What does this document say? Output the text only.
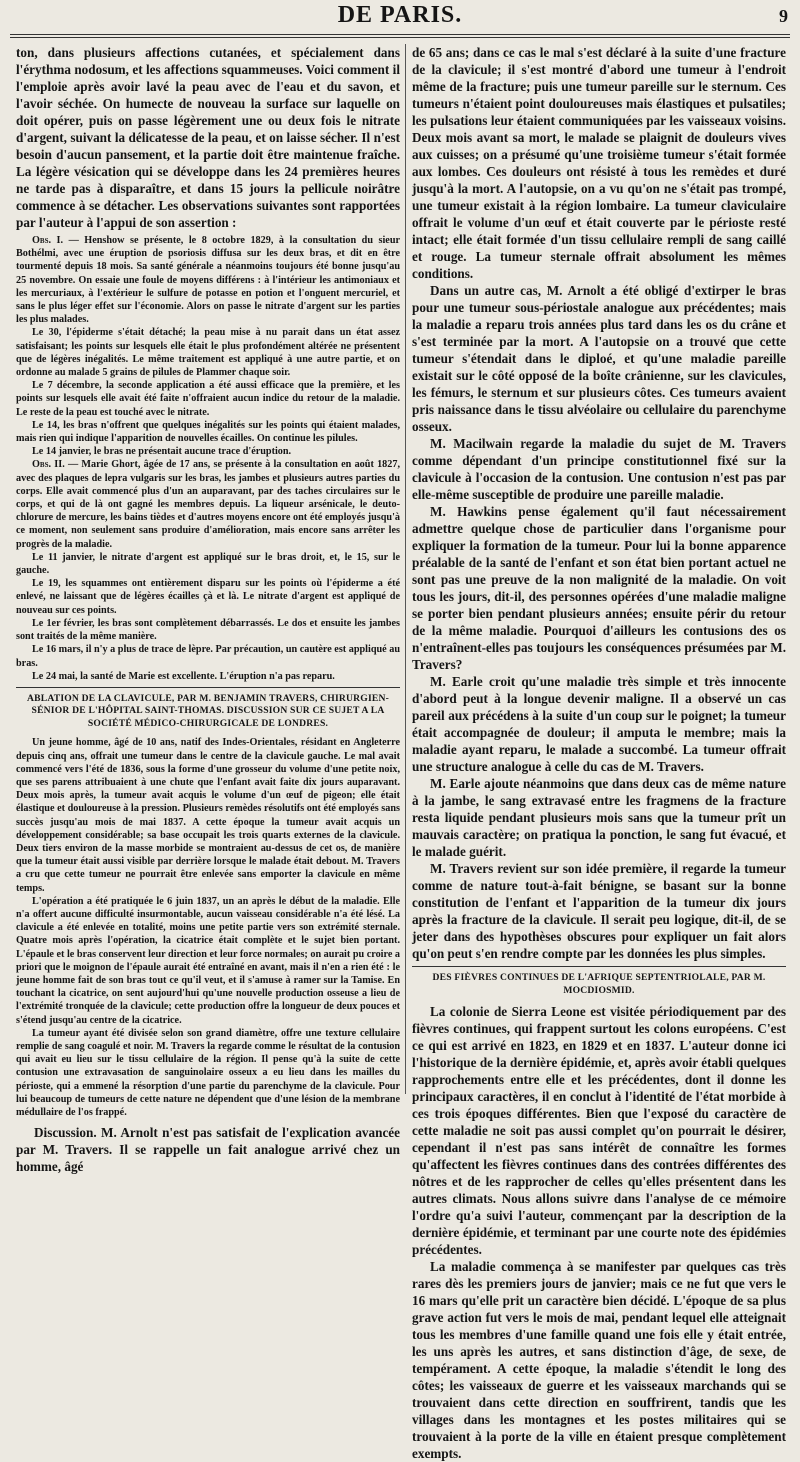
DE PARIS.	9

ton, dans plusieurs affections cutanées, et spécialement dans l'érythma nodosum, et les affections squammeuses. Voici comment il l'emploie après avoir lavé la peau avec de l'eau et du savon, et l'avoir séchée. On humecte de nouveau la surface sur laquelle on doit opérer, puis on passe légèrement une ou deux fois le nitrate d'argent, suivant la délicatesse de la peau, et on laisse sécher. Il n'est besoin d'aucun pansement, et la partie doit être maintenue fraîche. La légère vésication qui se développe dans les 24 premières heures ne tarde pas à disparaître, et dans 15 jours la pellicule noirâtre commence à se détacher. Les observations suivantes sont rapportées par l'auteur à l'appui de son assertion :

Obs. I. — Henshow se présente, le 8 octobre 1829, à la consultation du sieur Bothélmi, avec une éruption de psoriosis diffusa sur les deux bras, et dit en être tourmenté depuis 18 mois. Sa santé générale a néanmoins toujours été bonne jusqu'au 25 novembre. On essaie une foule de moyens différens : à l'intérieur les antimoniaux et les mercuriaux, à l'extérieur le sulfure de potasse en potion et l'onguent mercuriel, et sans le plus léger effet sur l'économie. Alors on passe le nitrate d'argent sur les parties les plus malades.

Le 30, l'épiderme s'était détaché; la peau mise à nu parait dans un état assez satisfaisant; les points sur lesquels elle était le plus profondément altérée ne présentent que de légères inégalités. Le même traitement est appliqué à une autre partie, et on ordonne au malade 5 grains de pilules de Plammer chaque soir.

Le 7 décembre, la seconde application a été aussi efficace que la première, et les points sur lesquels elle avait été faite n'offraient aucun indice du retour de la maladie. Le reste de la peau est touché avec le nitrate.

Le 14, les bras n'offrent que quelques inégalités sur les points qui étaient malades, mais rien qui indique l'apparition de nouvelles écailles. On continue les pilules.

Le 14 janvier, le bras ne présentait aucune trace d'éruption.

Obs. II. — Marie Ghort, âgée de 17 ans, se présente à la consultation en août 1827, avec des plaques de lepra vulgaris sur les bras, les jambes et plusieurs autres parties du corps. Elle avait commencé plus d'un an auparavant, par des taches circulaires sur le corps, et qui de là ont gagné les membres depuis. La liqueur arsénicale, le deuto-chlorure de mercure, les bains tièdes et d'autres moyens encore ont été employés jusqu'à ce moment, non seulement sans produire d'amélioration, mais encore sans arrêter les progrès de la maladie.

Le 11 janvier, le nitrate d'argent est appliqué sur le bras droit, et, le 15, sur le gauche.

Le 19, les squammes ont entièrement disparu sur les points où l'épiderme a été enlevé, ne laissant que de légères écailles çà et là. Le nitrate d'argent est appliqué de nouveau sur ces points.

Le 1er février, les bras sont complètement débarrassés. Le dos et ensuite les jambes sont traités de la même manière.

Le 16 mars, il n'y a plus de trace de lèpre. Par précaution, un cautère est appliqué au bras.

Le 24 mai, la santé de Marie est excellente. L'éruption n'a pas reparu.

ABLATION DE LA CLAVICULE, PAR M. BENJAMIN TRAVERS, CHIRURGIEN-SÉNIOR DE L'HÔPITAL SAINT-THOMAS. DISCUSSION SUR CE SUJET A LA SOCIÉTÉ MÉDICO-CHIRURGICALE DE LONDRES.

Un jeune homme, âgé de 10 ans, natif des Indes-Orientales, résidant en Angleterre depuis cinq ans, offrait une tumeur dans le centre de la clavicule gauche. Le mal avait commencé vers l'été de 1836, sous la forme d'une grosseur du volume d'une petite noix, que ses parens attribuaient à une chute que l'enfant avait faite dix jours auparavant. Deux mois après, la tumeur avait acquis le volume d'un œuf de pigeon; elle était élastique et douloureuse à la pression. Plusieurs remèdes résolutifs ont été employés sans succès jusqu'au mois de mai 1837. A cette époque la tumeur avait acquis un développement considérable; sa base occupait les trois quarts externes de la clavicule. Deux tiers environ de la masse morbide se montraient au-dessus de cet os, de manière que la tumeur était aussi visible par derrière lorsque le malade était debout. M. Travers a cru que cette tumeur ne pourrait être enlevée sans emporter la clavicule en même temps.

L'opération a été pratiquée le 6 juin 1837, un an après le début de la maladie. Elle n'a offert aucune difficulté insurmontable, aucun vaisseau considérable n'a été lésé. La clavicule a été enlevée en totalité, moins une petite partie vers son extrémité sternale. Quatre mois après l'opération, la cicatrice était complète et le sujet bien portant. L'épaule et le bras conservent leur direction et leur force normales; on aurait pu croire a priori que le moignon de l'épaule aurait été entraîné en avant, mais il n'en a rien été : le jeune homme fait de son bras tout ce qu'il veut, et il s'amuse à ramer sur la Tamise. En touchant la cicatrice, on sent aujourd'hui qu'une nouvelle production osseuse a lieu de l'extrémité tronquée de la clavicule; cette production offre la longueur de deux pouces et s'étend jusqu'au centre de la cicatrice.

La tumeur ayant été divisée selon son grand diamètre, offre une texture cellulaire remplie de sang coagulé et noir. M. Travers la regarde comme le résultat de la contusion qui avait eu lieu sur le tissu cellulaire de la région. Il pense qu'à la suite de cette contusion une extravasation de sanguinolaire osseux a eu lieu dans les mailles du périoste, qui a emmené la résorption d'une partie du parenchyme de la clavicule. Pour lui beaucoup de tumeurs de cette nature ne dépendent que d'une lésion de la membrane médullaire de l'os frappé.

Discussion. M. Arnolt n'est pas satisfait de l'explication avancée par M. Travers. Il se rappelle un fait analogue arrivé chez un homme, âgé

de 65 ans; dans ce cas le mal s'est déclaré à la suite d'une fracture de la clavicule; il s'est montré d'abord une tumeur à l'endroit même de la fracture; puis une tumeur pareille sur le sternum. Ces tumeurs n'étaient point douloureuses mais élastiques et pulsatiles; les pulsations leur étaient communiquées par les vaisseaux voisins. Deux mois avant sa mort, le malade se plaignit de douleurs vives aux cuisses; on a présumé qu'une troisième tumeur s'était formée aux lombes. Ces douleurs ont résisté à tous les remèdes et duré jusqu'à la mort. A l'autopsie, on a vu qu'on ne s'était pas trompé, une tumeur existait à la région lombaire. La tumeur claviculaire offrait le volume d'un œuf et était couverte par le périoste resté intact; elle était formée d'un tissu cellulaire rempli de sang caillé et rouge. La tumeur sternale offrait absolument les mêmes conditions.

Dans un autre cas, M. Arnolt a été obligé d'extirper le bras pour une tumeur sous-périostale analogue aux précédentes; mais la maladie a reparu trois années plus tard dans les os du crâne et s'est terminée par la mort. A l'autopsie on a trouvé que cette tumeur s'étendait dans le diploé, et qu'une maladie pareille existait sur le côté opposé de la boîte crânienne, sur les clavicules, les fémurs, le sternum et sur plusieurs côtes. Ces tumeurs avaient pris naissance dans le tissu alvéolaire ou cellulaire du parenchyme osseux.

M. Macilwain regarde la maladie du sujet de M. Travers comme dépendant d'un principe constitutionnel fixé sur la clavicule à l'occasion de la contusion. Une contusion n'est pas par elle-même susceptible de produire une pareille maladie.

M. Hawkins pense également qu'il faut nécessairement admettre quelque chose de particulier dans l'organisme pour expliquer la formation de la tumeur. Pour lui la bonne apparence préalable de la santé de l'enfant et son état bien portant actuel ne sont pas une preuve de la non malignité de la maladie. On voit tous les jours, dit-il, des personnes opérées d'une maladie maligne se porter bien pendant plusieurs années; ensuite périr du retour de la même maladie. Pourquoi d'ailleurs les contusions des os n'entraînent-elles pas toujours les conséquences présumées par M. Travers?

M. Earle croit qu'une maladie très simple et très innocente d'abord peut à la longue devenir maligne. Il a observé un cas pareil aux précédens à la suite d'un coup sur le poignet; la tumeur était accompagnée de douleur; il amputa le membre; mais la maladie ayant reparu, le malade a succombé. La tumeur offrait une structure analogue à celle du cas de M. Travers.

M. Earle ajoute néanmoins que dans deux cas de même nature à la jambe, le sang extravasé entre les fragmens de la fracture resta liquide pendant plusieurs mois sans que la tumeur prît un mauvais caractère; on pratiqua la ponction, le sang fut évacué, et le malade guérit.

M. Travers revient sur son idée première, il regarde la tumeur comme de nature tout-à-fait bénigne, se basant sur la bonne constitution de l'enfant et l'apparition de la tumeur dix jours après la fracture de la clavicule. Il serait peu logique, dit-il, de se jeter dans des hypothèses obscures pour expliquer un fait alors qu'on peut s'en rendre compte par les données les plus simples.

DES FIÈVRES CONTINUES DE L'AFRIQUE SEPTENTRIOLALE, PAR M. MOCDIOSMID.

La colonie de Sierra Leone est visitée périodiquement par des fièvres continues, qui frappent surtout les colons européens. C'est ce qui est arrivé en 1823, en 1829 et en 1837. L'auteur donne ici l'historique de la dernière épidémie, et, après avoir établi quelques rapprochements entre elle et les précédentes, dont il donne les principaux caractères, il en conclut à l'identité de l'état morbide à ces trois époques différentes. Bien que l'exposé du caractère de cette maladie ne soit pas aussi complet qu'on pourrait le désirer, cependant il n'est pas sans intérêt de connaître les formes qu'affectent les fièvres continues dans des contrées différentes des nôtres et de les rapprocher de celles qu'elles présentent dans les autres climats. Nous allons suivre dans l'analyse de ce mémoire l'ordre qu'a suivi l'auteur, commençant par la description de la dernière épidémie, et terminant par une courte note des épidémies précédentes.

La maladie commença à se manifester par quelques cas très rares dès les premiers jours de janvier; mais ce ne fut que vers le 16 mars qu'elle prit un caractère bien décidé. L'époque de sa plus grave action fut vers le mois de mai, pendant lequel elle atteignait tous les membres d'une famille quand une fois elle y était entrée, les uns après les autres, et sans distinction d'âge, de sexe, de tempérament. A cette époque, la maladie s'étendit le long des côtes; les vaisseaux de guerre et les vaisseaux marchands qui se trouvaient dans cette direction en souffrirent, tandis que les villages dans les montagnes et les postes militaires qui se trouvaient à la porte de la ville en étaient presque complètement exempts.
